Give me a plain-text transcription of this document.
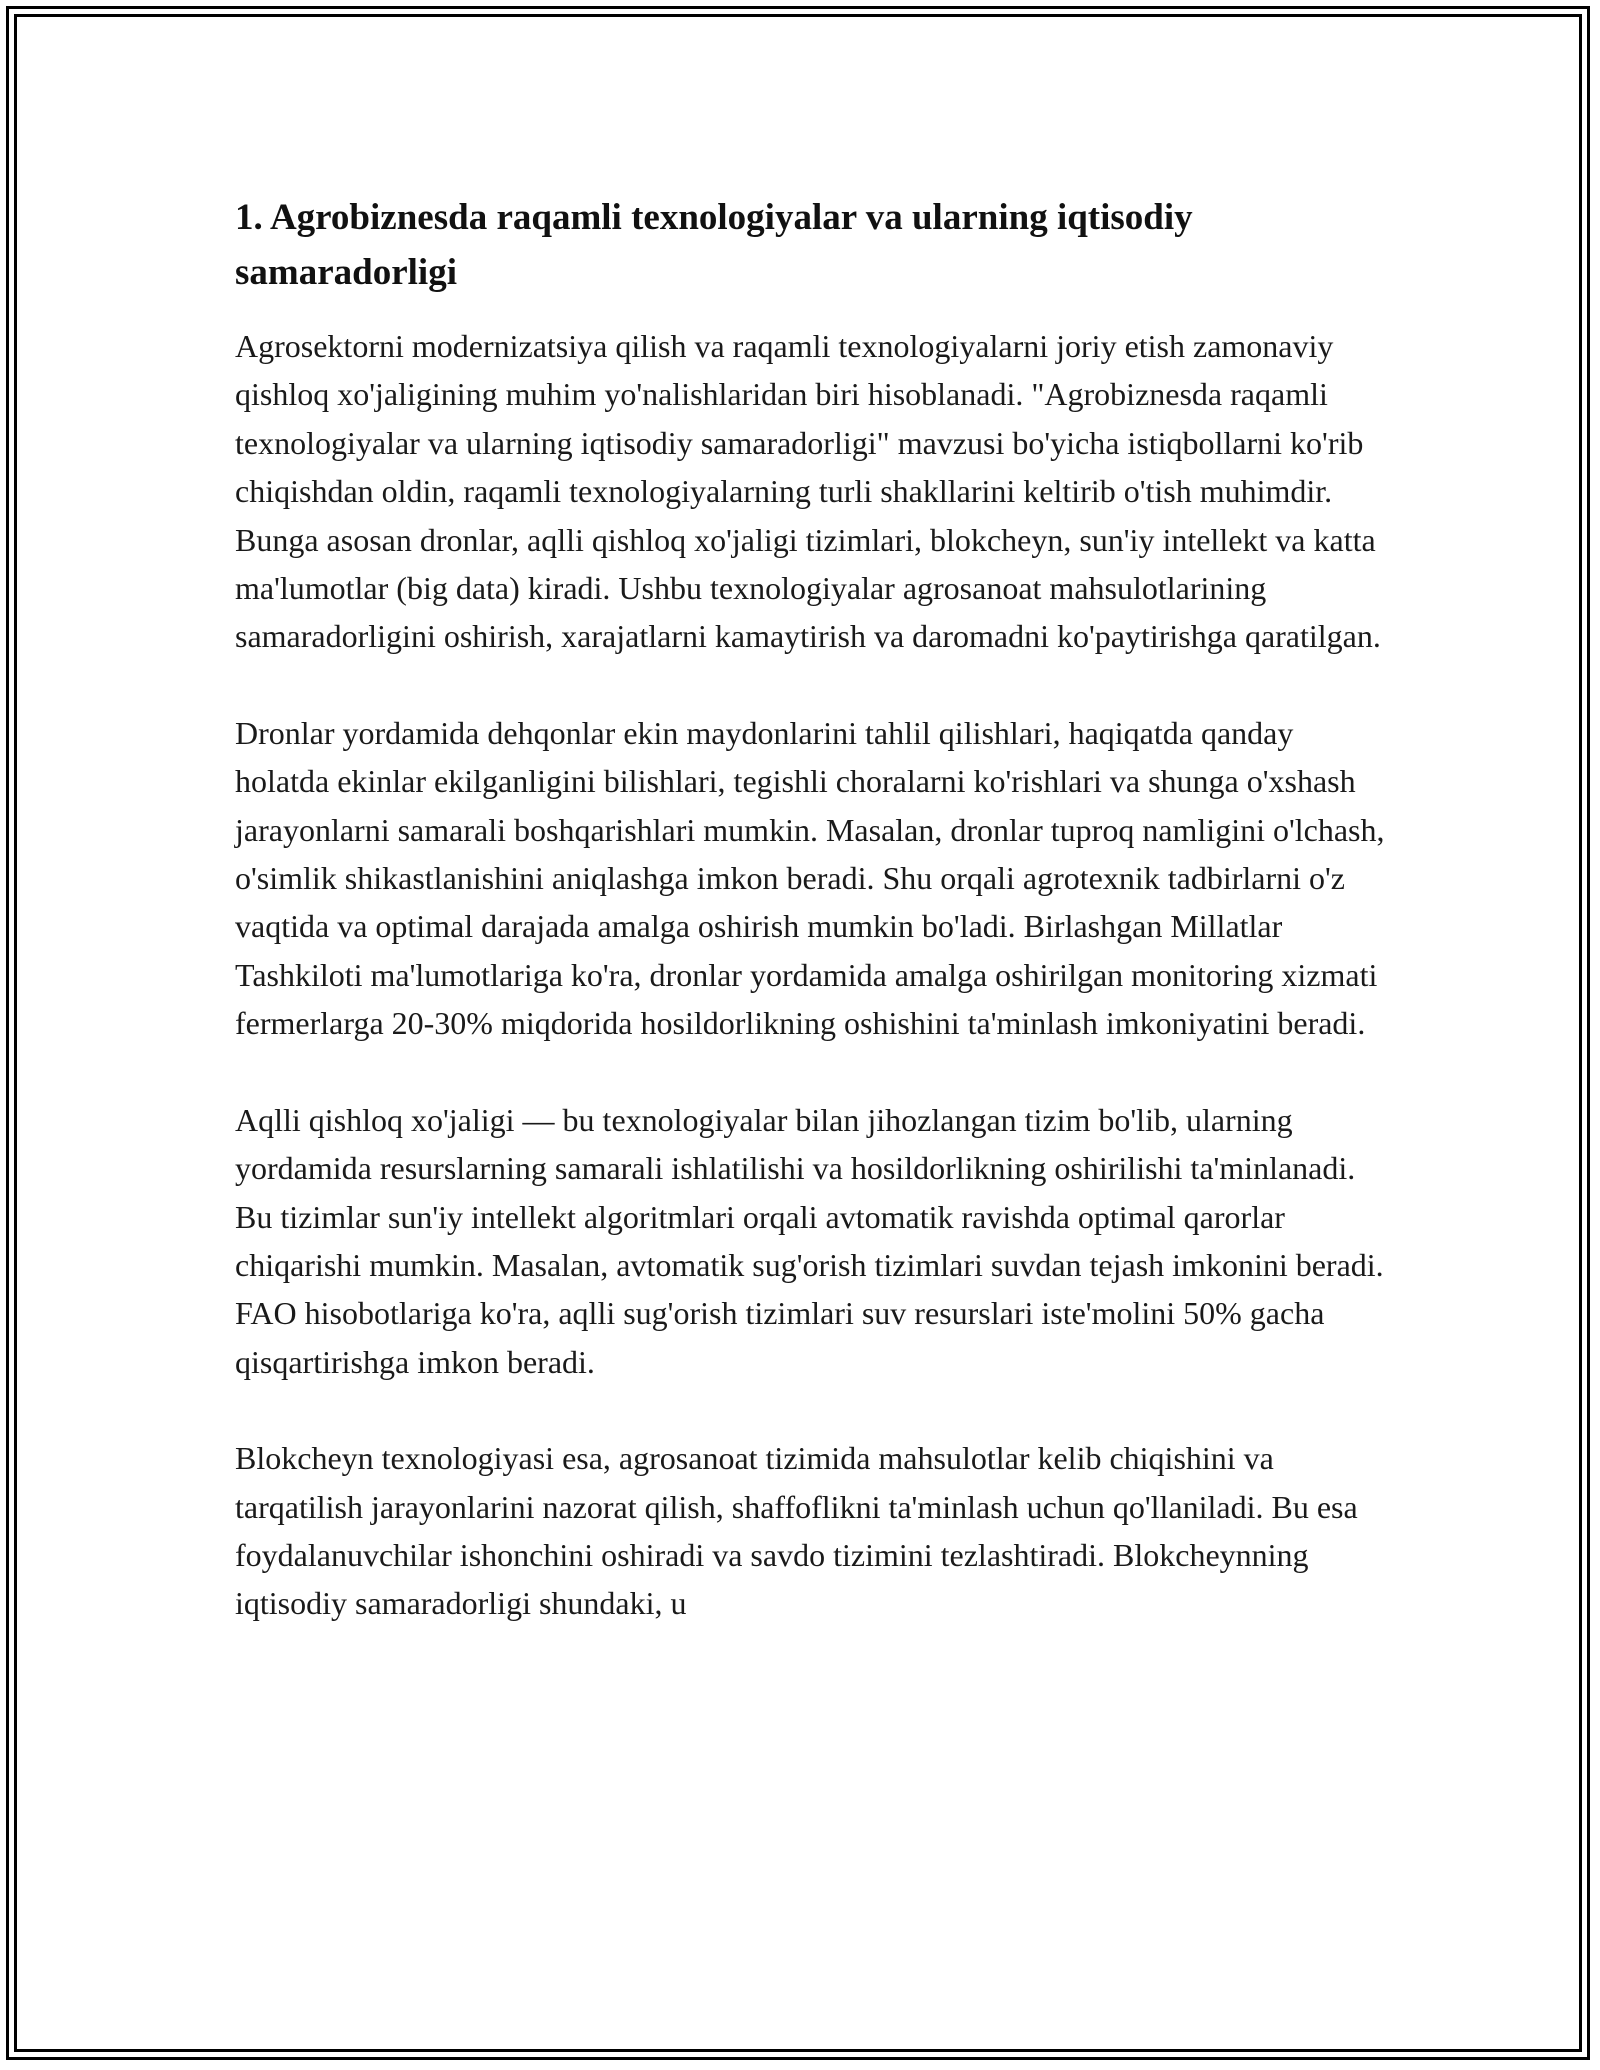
1. Agrobiznesda raqamli texnologiyalar va ularning iqtisodiy samaradorligi

Agrosektorni modernizatsiya qilish va raqamli texnologiyalarni joriy etish zamonaviy qishloq xo'jaligining muhim yo'nalishlaridan biri hisoblanadi. "Agrobiznesda raqamli texnologiyalar va ularning iqtisodiy samaradorligi" mavzusi bo'yicha istiqbollarni ko'rib chiqishdan oldin, raqamli texnologiyalarning turli shakllarini keltirib o'tish muhimdir. Bunga asosan dronlar, aqlli qishloq xo'jaligi tizimlari, blokcheyn, sun'iy intellekt va katta ma'lumotlar (big data) kiradi. Ushbu texnologiyalar agrosanoat mahsulotlarining samaradorligini oshirish, xarajatlarni kamaytirish va daromadni ko'paytirishga qaratilgan.

Dronlar yordamida dehqonlar ekin maydonlarini tahlil qilishlari, haqiqatda qanday holatda ekinlar ekilganligini bilishlari, tegishli choralarni ko'rishlari va shunga o'xshash jarayonlarni samarali boshqarishlari mumkin. Masalan, dronlar tuproq namligini o'lchash, o'simlik shikastlanishini aniqlashga imkon beradi. Shu orqali agrotexnik tadbirlarni o'z vaqtida va optimal darajada amalga oshirish mumkin bo'ladi. Birlashgan Millatlar Tashkiloti ma'lumotlariga ko'ra, dronlar yordamida amalga oshirilgan monitoring xizmati fermerlarga 20-30% miqdorida hosildorlikning oshishini ta'minlash imkoniyatini beradi.

Aqlli qishloq xo'jaligi — bu texnologiyalar bilan jihozlangan tizim bo'lib, ularning yordamida resurslarning samarali ishlatilishi va hosildorlikning oshirilishi ta'minlanadi. Bu tizimlar sun'iy intellekt algoritmlari orqali avtomatik ravishda optimal qarorlar chiqarishi mumkin. Masalan, avtomatik sug'orish tizimlari suvdan tejash imkonini beradi. FAO hisobotlariga ko'ra, aqlli sug'orish tizimlari suv resurslari iste'molini 50% gacha qisqartirishga imkon beradi.

Blokcheyn texnologiyasi esa, agrosanoat tizimida mahsulotlar kelib chiqishini va tarqatilish jarayonlarini nazorat qilish, shaffoflikni ta'minlash uchun qo'llaniladi. Bu esa foydalanuvchilar ishonchini oshiradi va savdo tizimini tezlashtiradi. Blokcheynning iqtisodiy samaradorligi shundaki, u
